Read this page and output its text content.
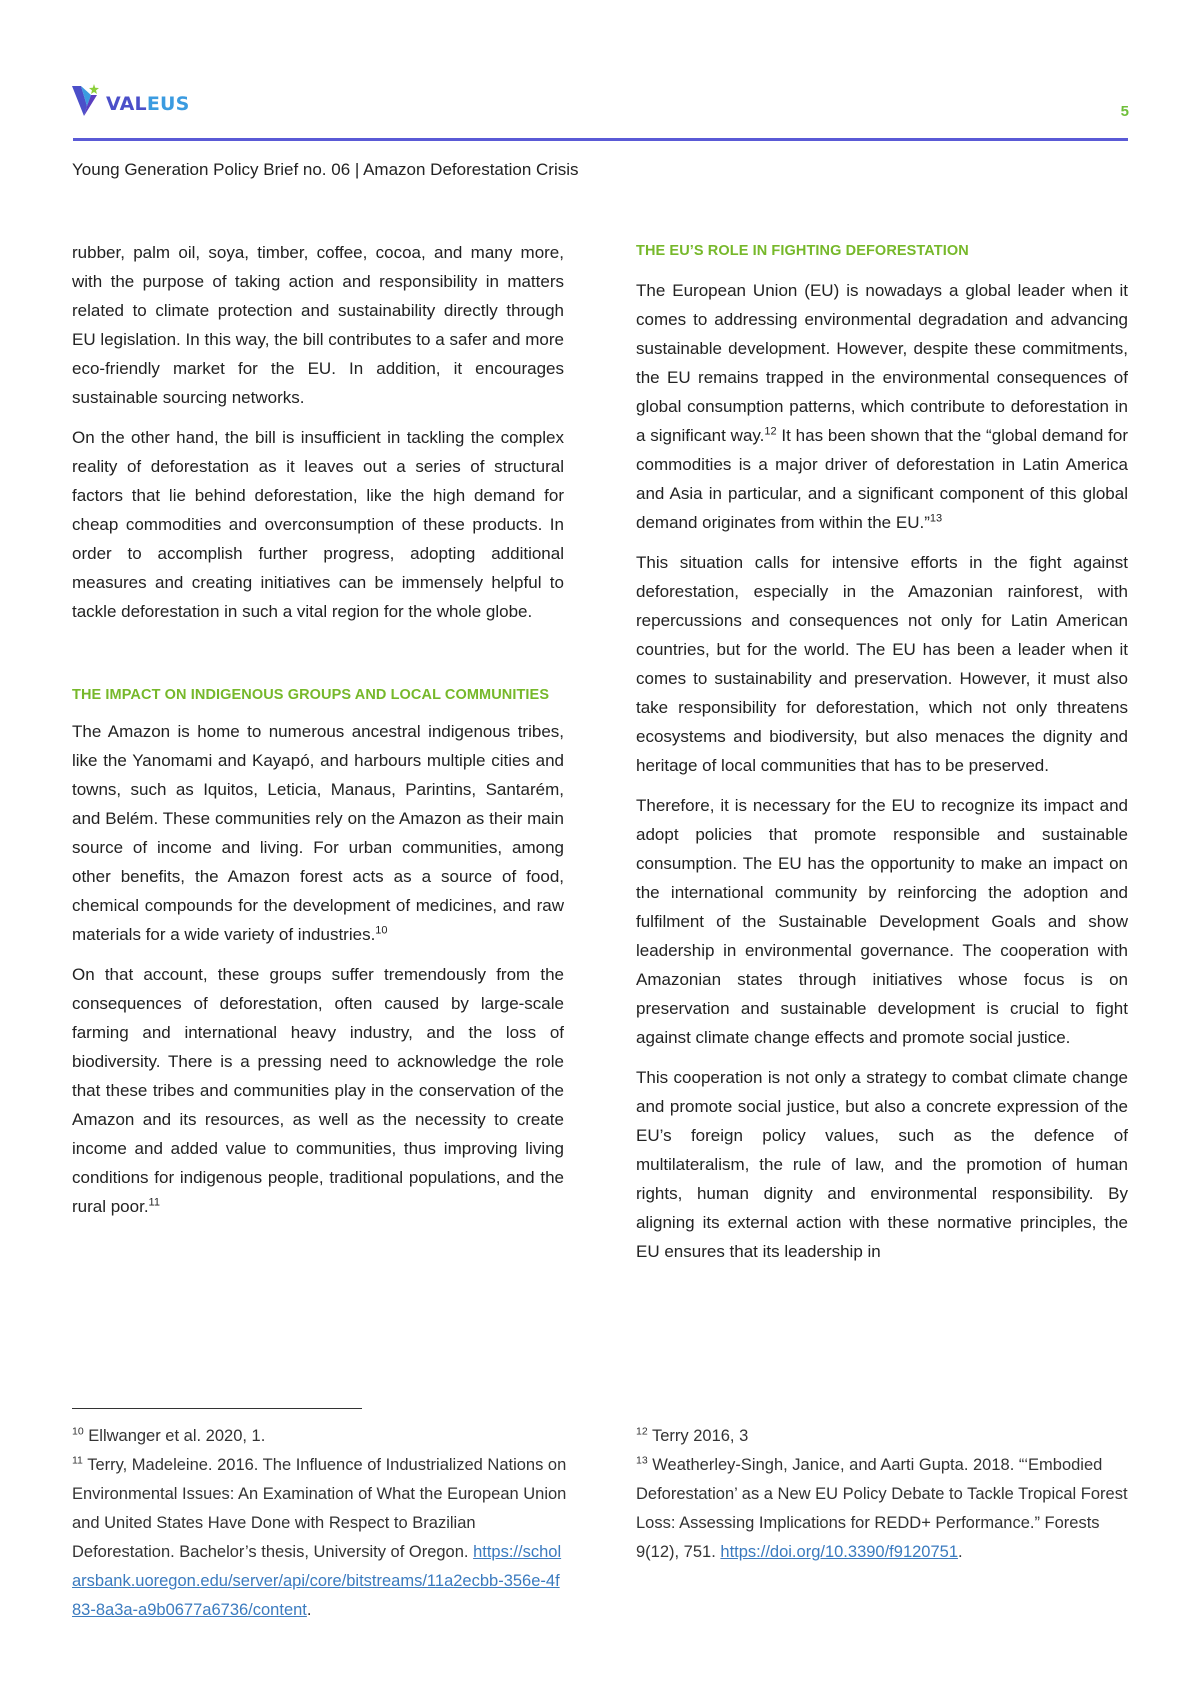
VALEUS	5
Young Generation Policy Brief no. 06 | Amazon Deforestation Crisis

rubber, palm oil, soya, timber, coffee, cocoa, and many more, with the purpose of taking action and responsibility in matters related to climate protection and sustainability directly through EU legislation. In this way, the bill contributes to a safer and more eco-friendly market for the EU. In addition, it encourages sustainable sourcing networks.

On the other hand, the bill is insufficient in tackling the complex reality of deforestation as it leaves out a series of structural factors that lie behind deforestation, like the high demand for cheap commodities and overconsumption of these products. In order to accomplish further progress, adopting additional measures and creating initiatives can be immensely helpful to tackle deforestation in such a vital region for the whole globe.

THE IMPACT ON INDIGENOUS GROUPS AND LOCAL COMMUNITIES

The Amazon is home to numerous ancestral indigenous tribes, like the Yanomami and Kayapó, and harbours multiple cities and towns, such as Iquitos, Leticia, Manaus, Parintins, Santarém, and Belém. These communities rely on the Amazon as their main source of income and living. For urban communities, among other benefits, the Amazon forest acts as a source of food, chemical compounds for the development of medicines, and raw materials for a wide variety of industries.$^{10}$

On that account, these groups suffer tremendously from the consequences of deforestation, often caused by large-scale farming and international heavy industry, and the loss of biodiversity. There is a pressing need to acknowledge the role that these tribes and communities play in the conservation of the Amazon and its resources, as well as the necessity to create income and added value to communities, thus improving living conditions for indigenous people, traditional populations, and the rural poor.$^{11}$

THE EU’S ROLE IN FIGHTING DEFORESTATION

The European Union (EU) is nowadays a global leader when it comes to addressing environmental degradation and advancing sustainable development. However, despite these commitments, the EU remains trapped in the environmental consequences of global consumption patterns, which contribute to deforestation in a significant way.$^{12}$ It has been shown that the “global demand for commodities is a major driver of deforestation in Latin America and Asia in particular, and a significant component of this global demand originates from within the EU.”$^{13}$

This situation calls for intensive efforts in the fight against deforestation, especially in the Amazonian rainforest, with repercussions and consequences not only for Latin American countries, but for the world. The EU has been a leader when it comes to sustainability and preservation. However, it must also take responsibility for deforestation, which not only threatens ecosystems and biodiversity, but also menaces the dignity and heritage of local communities that has to be preserved.

Therefore, it is necessary for the EU to recognize its impact and adopt policies that promote responsible and sustainable consumption. The EU has the opportunity to make an impact on the international community by reinforcing the adoption and fulfilment of the Sustainable Development Goals and show leadership in environmental governance. The cooperation with Amazonian states through initiatives whose focus is on preservation and sustainable development is crucial to fight against climate change effects and promote social justice.

This cooperation is not only a strategy to combat climate change and promote social justice, but also a concrete expression of the EU’s foreign policy values, such as the defence of multilateralism, the rule of law, and the promotion of human rights, human dignity and environmental responsibility. By aligning its external action with these normative principles, the EU ensures that its leadership in

$^{10}$ Ellwanger et al. 2020, 1.
$^{11}$ Terry, Madeleine. 2016. The Influence of Industrialized Nations on Environmental Issues: An Examination of What the European Union and United States Have Done with Respect to Brazilian Deforestation. Bachelor’s thesis, University of Oregon. https://scholarsbank.uoregon.edu/server/api/core/bitstreams/11a2ecbb-356e-4f83-8a3a-a9b0677a6736/content.
$^{12}$ Terry 2016, 3
$^{13}$ Weatherley-Singh, Janice, and Aarti Gupta. 2018. “‘Embodied Deforestation’ as a New EU Policy Debate to Tackle Tropical Forest Loss: Assessing Implications for REDD+ Performance.” Forests 9(12), 751. https://doi.org/10.3390/f9120751.
